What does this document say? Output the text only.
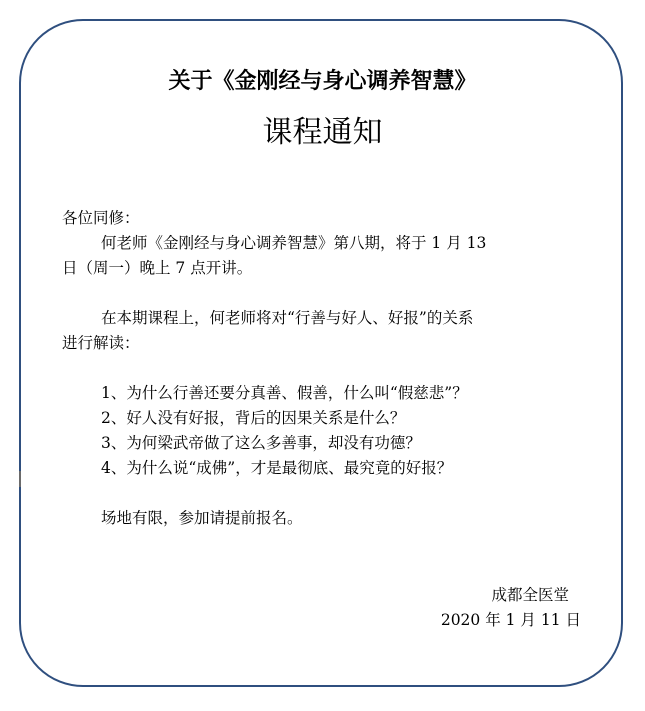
关于《金刚经与身心调养智慧》
课程通知
各位同修：
何老师《金刚经与身心调养智慧》第八期，将于 1 月 13
日（周一）晚上 7 点开讲。
在本期课程上，何老师将对“行善与好人、好报”的关系
进行解读：
1、为什么行善还要分真善、假善，什么叫“假慈悲”？
2、好人没有好报，背后的因果关系是什么？
3、为何梁武帝做了这么多善事，却没有功德？
4、为什么说“成佛”，才是最彻底、最究竟的好报？
场地有限，参加请提前报名。
成都全医堂
2020 年 1 月 11 日
